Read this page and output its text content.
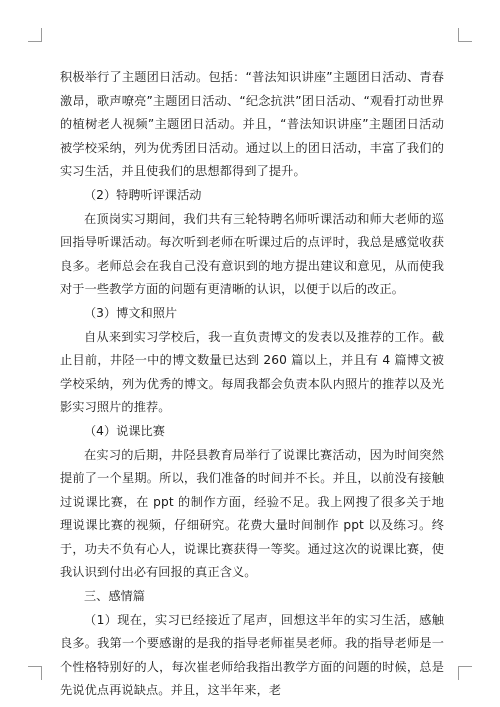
积极举行了主题团日活动。包括：“普法知识讲座”主题团日活动、青春激昂，歌声嘹亮”主题团日活动、“纪念抗洪”团日活动、“观看打动世界的植树老人视频”主题团日活动。并且，“普法知识讲座”主题团日活动被学校采纳，列为优秀团日活动。通过以上的团日活动，丰富了我们的实习生活，并且使我们的思想都得到了提升。

（2）特聘听评课活动

在顶岗实习期间，我们共有三轮特聘名师听课活动和师大老师的巡回指导听课活动。每次听到老师在听课过后的点评时，我总是感觉收获良多。老师总会在我自己没有意识到的地方提出建议和意见，从而使我对于一些教学方面的问题有更清晰的认识，以便于以后的改正。

（3）博文和照片

自从来到实习学校后，我一直负责博文的发表以及推荐的工作。截止目前，井陉一中的博文数量已达到 260 篇以上，并且有 4 篇博文被学校采纳，列为优秀的博文。每周我都会负责本队内照片的推荐以及光影实习照片的推荐。

（4）说课比赛

在实习的后期，井陉县教育局举行了说课比赛活动，因为时间突然提前了一个星期。所以，我们准备的时间并不长。并且，以前没有接触过说课比赛，在 ppt 的制作方面，经验不足。我上网搜了很多关于地理说课比赛的视频，仔细研究。花费大量时间制作 ppt 以及练习。终于，功夫不负有心人，说课比赛获得一等奖。通过这次的说课比赛，使我认识到付出必有回报的真正含义。

三、感情篇

（1）现在，实习已经接近了尾声，回想这半年的实习生活，感触良多。我第一个要感谢的是我的指导老师崔昊老师。我的指导老师是一个性格特别好的人，每次崔老师给我指出教学方面的问题的时候，总是先说优点再说缺点。并且，这半年来，老
